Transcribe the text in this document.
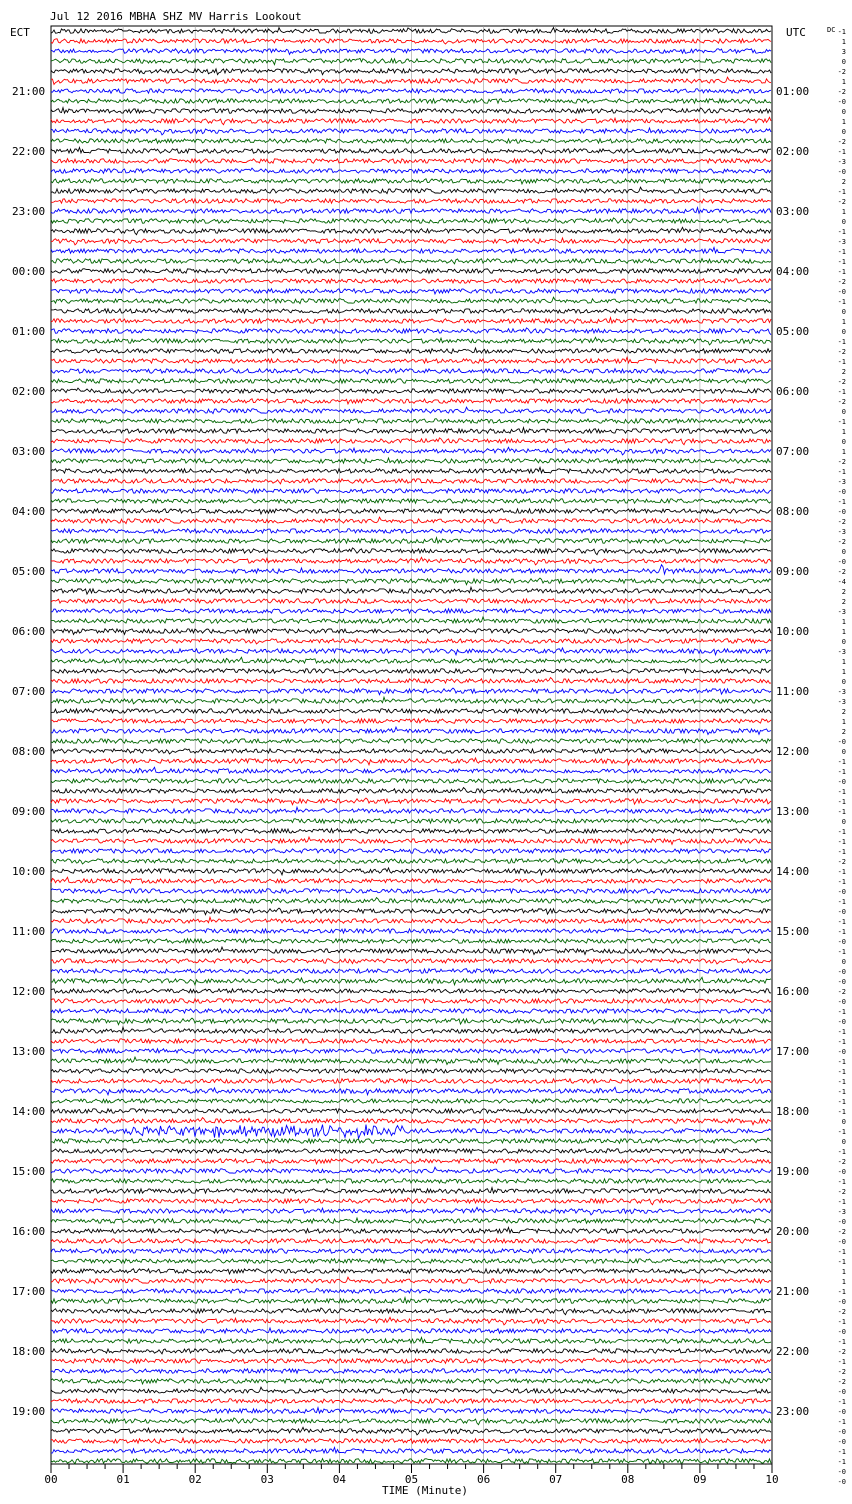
Jul 12 2016 MBHA SHZ MV Harris Lookout
ECT	UTC	DC
21:00
22:00
23:00
00:00
01:00
02:00
03:00
04:00
05:00
06:00
07:00
08:00
09:00
10:00
11:00
12:00
13:00
14:00
15:00
16:00
17:00
18:00
19:00
01:00
02:00
03:00
04:00
05:00
06:00
07:00
08:00
09:00
10:00
11:00
12:00
13:00
14:00
15:00
16:00
17:00
18:00
19:00
20:00
21:00
22:00
23:00
-1
1
3
0
-2
1
-2
-0
0
1
0
-2
-1
-3
-0
2
-1
-2
1
0
-1
-3
-1
-1
-1
-2
-0
-1
0
1
0
-1
-2
-1
2
-2
-1
-2
0
-1
1
0
1
-2
-1
-3
-0
-1
-0
-2
-3
-2
0
-0
-2
-4
2
2
-3
1
1
0
-3
1
1
0
-3
-3
2
1
2
-0
0
-1
-1
-0
-1
-1
-1
0
-1
-1
-1
-2
-1
-1
-0
-1
-0
-1
-1
-0
-1
0
-0
-0
-2
-0
-1
-0
-1
-1
-0
-1
-1
-1
-1
-1
-1
0
-1
0
-1
-2
-0
-1
-2
-1
-3
-0
-2
-0
-1
-1
1
1
-1
-0
-2
-1
-0
-1
-2
-1
-2
-2
-0
-1
-0
-1
-0
-0
-1
-1
-0
-0
00	01	02	03	04	05	06	07	08	09	10
TIME (Minute)
